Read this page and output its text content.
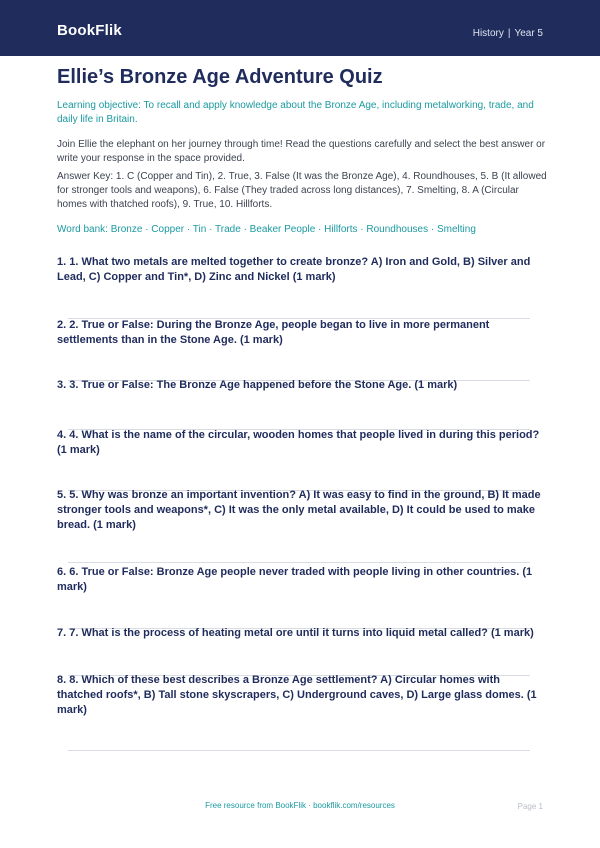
BookFlik	History | Year 5
Ellie’s Bronze Age Adventure Quiz

Learning objective: To recall and apply knowledge about the Bronze Age, including metalworking, trade, and daily life in Britain.

Join Ellie the elephant on her journey through time! Read the questions carefully and select the best answer or write your response in the space provided.

Answer Key: 1. C (Copper and Tin), 2. True, 3. False (It was the Bronze Age), 4. Roundhouses, 5. B (It allowed for stronger tools and weapons), 6. False (They traded across long distances), 7. Smelting, 8. A (Circular homes with thatched roofs), 9. True, 10. Hillforts.

Word bank: Bronze · Copper · Tin · Trade · Beaker People · Hillforts · Roundhouses · Smelting

1. 1. What two metals are melted together to create bronze? A) Iron and Gold, B) Silver and Lead, C) Copper and Tin*, D) Zinc and Nickel (1 mark)

2. 2. True or False: During the Bronze Age, people began to live in more permanent settlements than in the Stone Age. (1 mark)

3. 3. True or False: The Bronze Age happened before the Stone Age. (1 mark)

4. 4. What is the name of the circular, wooden homes that people lived in during this period? (1 mark)

5. 5. Why was bronze an important invention? A) It was easy to find in the ground, B) It made stronger tools and weapons*, C) It was the only metal available, D) It could be used to make bread. (1 mark)

6. 6. True or False: Bronze Age people never traded with people living in other countries. (1 mark)

7. 7. What is the process of heating metal ore until it turns into liquid metal called? (1 mark)

8. 8. Which of these best describes a Bronze Age settlement? A) Circular homes with thatched roofs*, B) Tall stone skyscrapers, C) Underground caves, D) Large glass domes. (1 mark)

Free resource from BookFlik · bookflik.com/resources	Page 1
